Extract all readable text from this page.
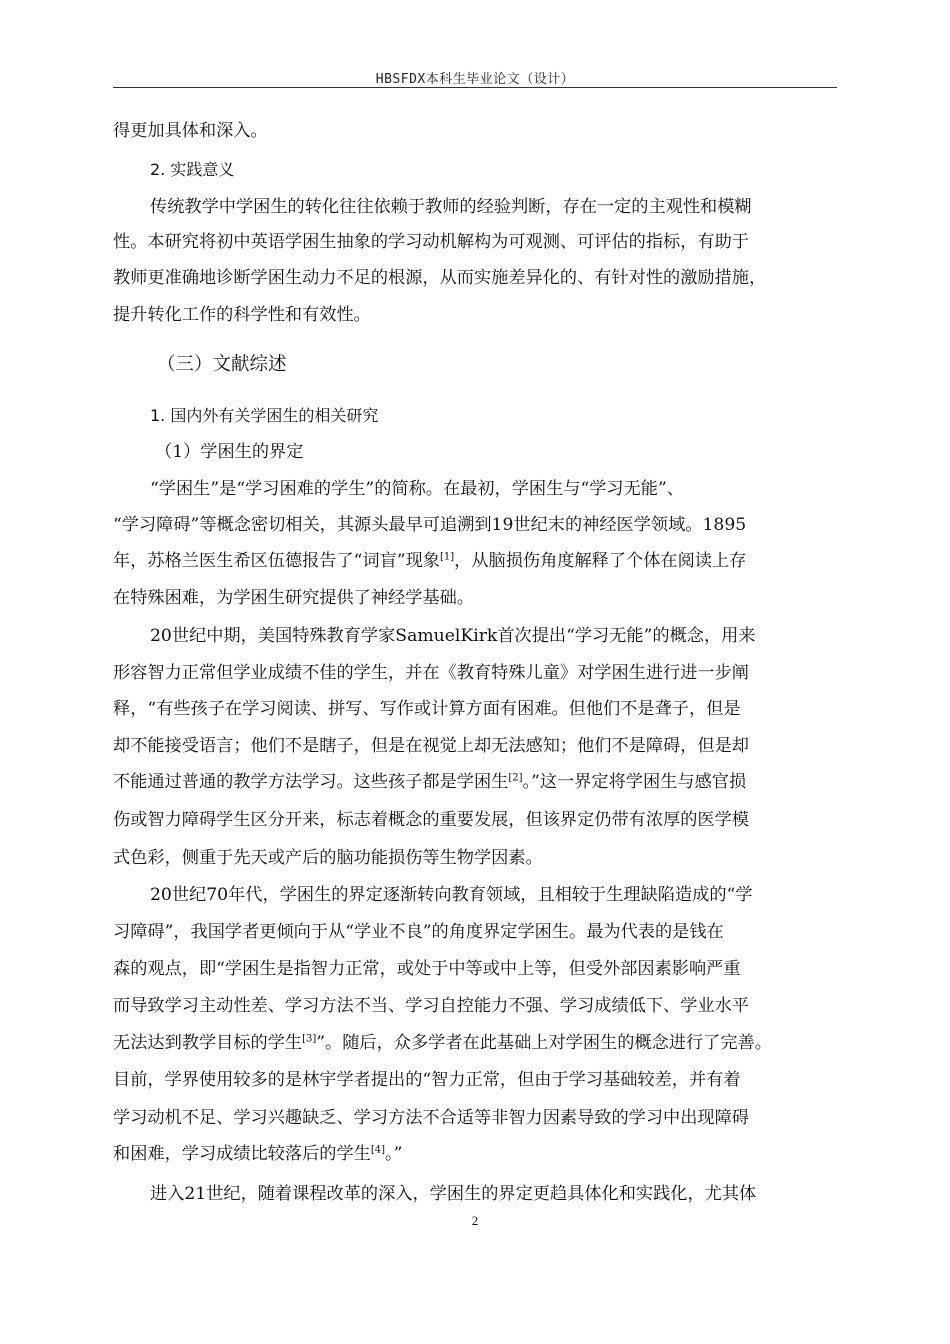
HBSFDX本科生毕业论文（设计）
得更加具体和深入。
2. 实践意义
传统教学中学困生的转化往往依赖于教师的经验判断，存在一定的主观性和模糊
性。本研究将初中英语学困生抽象的学习动机解构为可观测、可评估的指标，有助于
教师更准确地诊断学困生动力不足的根源，从而实施差异化的、有针对性的激励措施，
提升转化工作的科学性和有效性。
（三）文献综述
1. 国内外有关学困生的相关研究
（1）学困生的界定
“学困生”是“学习困难的学生”的简称。在最初，学困生与“学习无能”、
“学习障碍”等概念密切相关，其源头最早可追溯到19世纪末的神经医学领域。1895
年，苏格兰医生希区伍德报告了“词盲”现象[1]，从脑损伤角度解释了个体在阅读上存
在特殊困难，为学困生研究提供了神经学基础。
20世纪中期，美国特殊教育学家SamuelKirk首次提出“学习无能”的概念，用来
形容智力正常但学业成绩不佳的学生，并在《教育特殊儿童》对学困生进行进一步阐
释，“有些孩子在学习阅读、拼写、写作或计算方面有困难。但他们不是聋子，但是
却不能接受语言；他们不是瞎子，但是在视觉上却无法感知；他们不是障碍，但是却
不能通过普通的教学方法学习。这些孩子都是学困生[2]。”这一界定将学困生与感官损
伤或智力障碍学生区分开来，标志着概念的重要发展，但该界定仍带有浓厚的医学模
式色彩，侧重于先天或产后的脑功能损伤等生物学因素。
20世纪70年代，学困生的界定逐渐转向教育领域，且相较于生理缺陷造成的“学
习障碍”，我国学者更倾向于从“学业不良”的角度界定学困生。最为代表的是钱在
森的观点，即“学困生是指智力正常，或处于中等或中上等，但受外部因素影响严重
而导致学习主动性差、学习方法不当、学习自控能力不强、学习成绩低下、学业水平
无法达到教学目标的学生[3]”。随后，众多学者在此基础上对学困生的概念进行了完善。
目前，学界使用较多的是林宇学者提出的“智力正常，但由于学习基础较差，并有着
学习动机不足、学习兴趣缺乏、学习方法不合适等非智力因素导致的学习中出现障碍
和困难，学习成绩比较落后的学生[4]。”
进入21世纪，随着课程改革的深入，学困生的界定更趋具体化和实践化，尤其体
2
